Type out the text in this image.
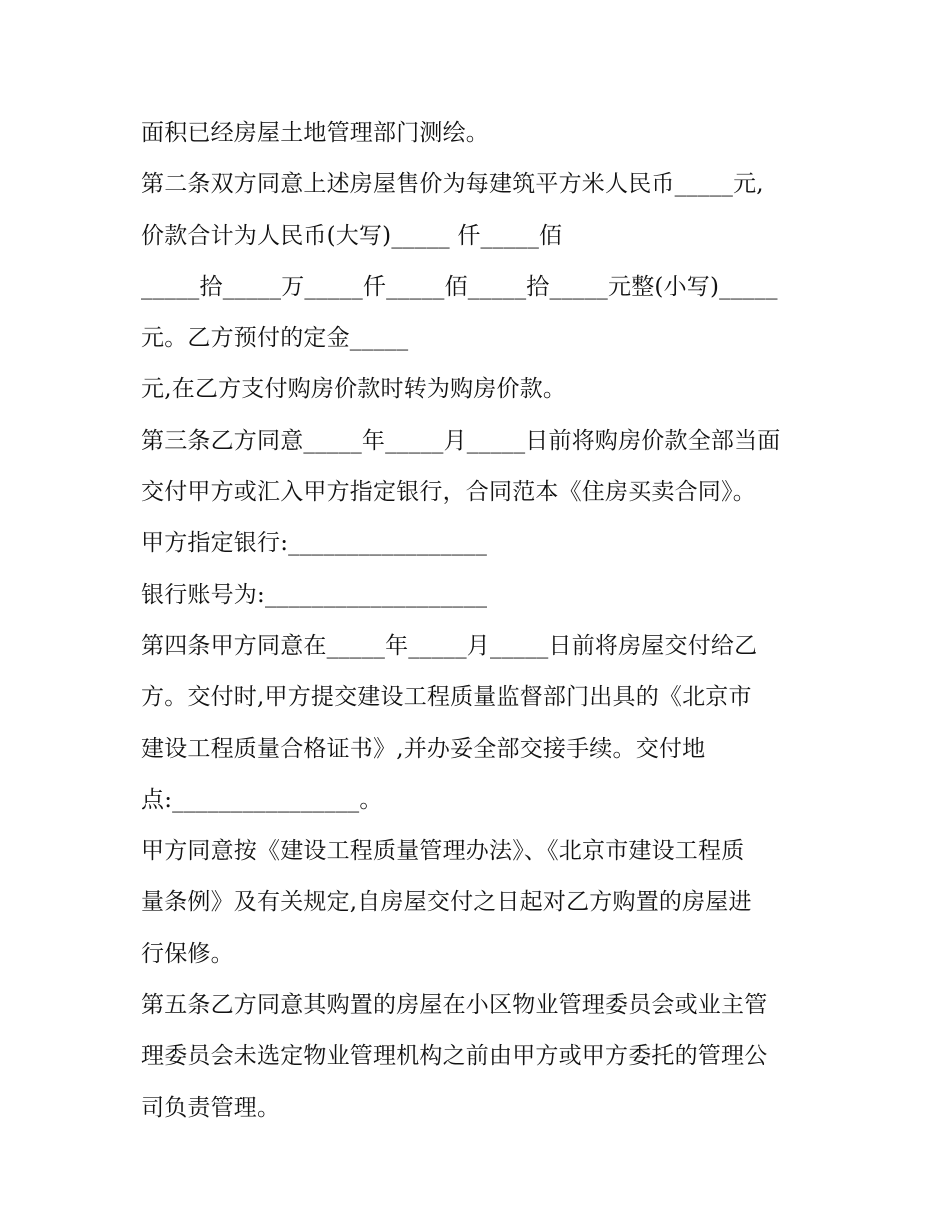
面积已经房屋土地管理部门测绘。
第二条双方同意上述房屋售价为每建筑平方米人民币_____元,
价款合计为人民币(大写)_____ 仟_____佰
_____拾_____万_____仟_____佰_____拾_____元整(小写)_____
元。乙方预付的定金_____
元,在乙方支付购房价款时转为购房价款。
第三条乙方同意_____年_____月_____日前将购房价款全部当面
交付甲方或汇入甲方指定银行，合同范本《住房买卖合同》。
甲方指定银行:_________________
银行账号为:___________________
第四条甲方同意在_____年_____月_____日前将房屋交付给乙
方。交付时,甲方提交建设工程质量监督部门出具的《北京市
建设工程质量合格证书》,并办妥全部交接手续。交付地
点:________________。
甲方同意按《建设工程质量管理办法》、《北京市建设工程质
量条例》及有关规定,自房屋交付之日起对乙方购置的房屋进
行保修。
第五条乙方同意其购置的房屋在小区物业管理委员会或业主管
理委员会未选定物业管理机构之前由甲方或甲方委托的管理公
司负责管理。
